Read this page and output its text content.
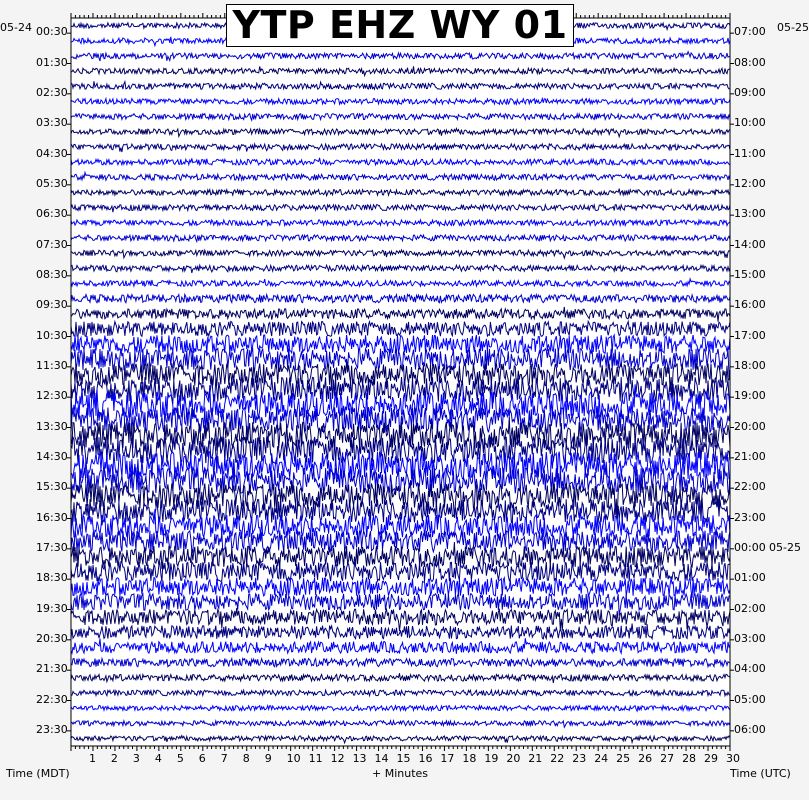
YTP EHZ WY 01
05-24	05-25
Time (MDT)	Time (UTC)
+ Minutes
1 2 3 4 5 6 7 8 9 10 11 12 13 14 15 16 17 18 19 20 21 22 23 24 25 26 27 28 29 30
00:30
01:30
02:30
03:30
04:30
05:30
06:30
07:30
08:30
09:30
10:30
11:30
12:30
13:30
14:30
15:30
16:30
17:30
18:30
19:30
20:30
21:30
22:30
23:30
07:00
08:00
09:00
10:00
11:00
12:00
13:00
14:00
15:00
16:00
17:00
18:00
19:00
20:00
21:00
22:00
23:00
00:00 05-25
01:00
02:00
03:00
04:00
05:00
06:00
